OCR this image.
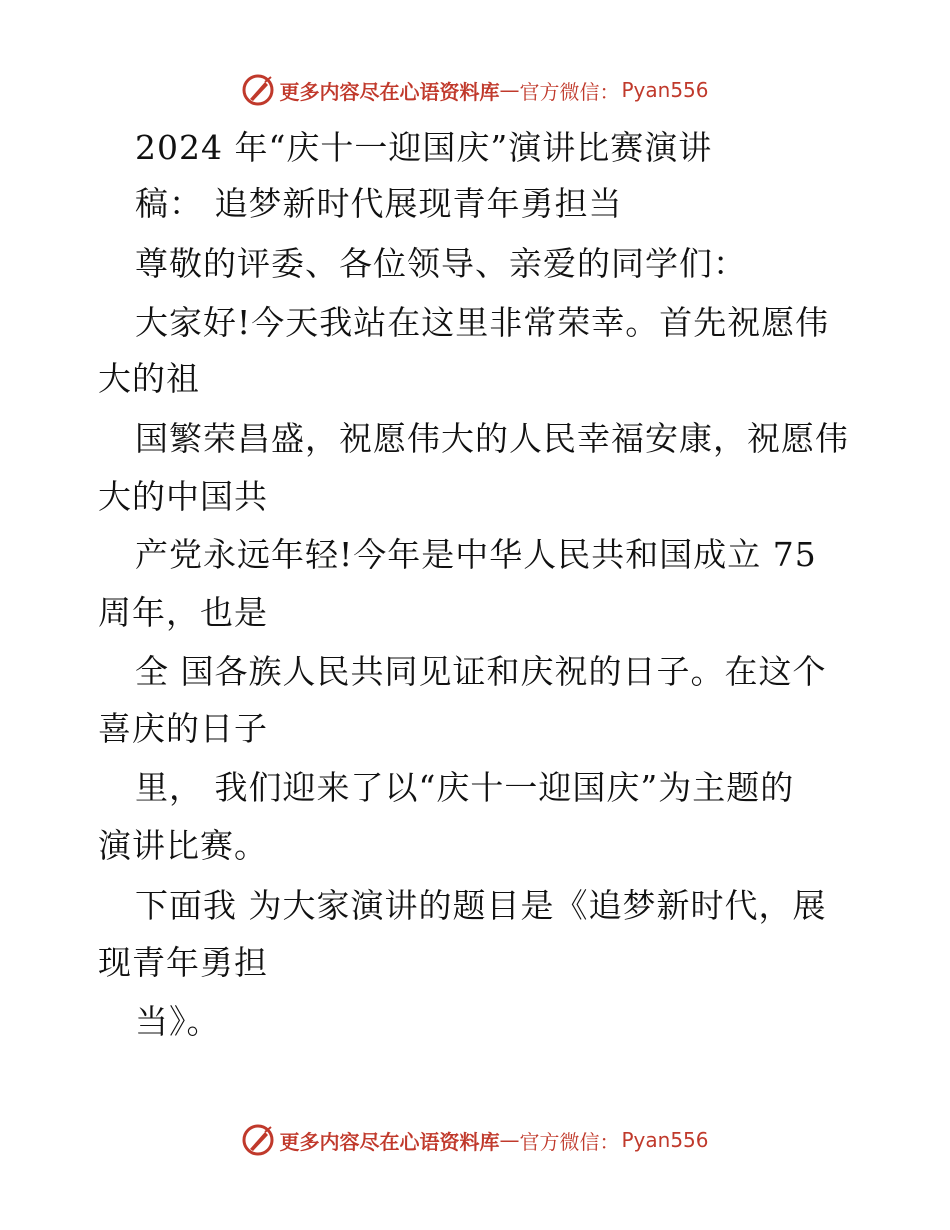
更多内容尽在心语资料库 — 官方微信 ： Pyan556
2024 年“庆十一迎国庆”演讲比赛演讲
稿： 追梦新时代展现青年勇担当
尊敬的评委、各位领导、亲爱的同学们：
大家好!今天我站在这里非常荣幸。首先祝愿伟
大的祖
国繁荣昌盛，祝愿伟大的人民幸福安康，祝愿伟
大的中国共
产党永远年轻!今年是中华人民共和国成立 75
周年，也是
全 国各族人民共同见证和庆祝的日子。在这个
喜庆的日子
里， 我们迎来了以“庆十一迎国庆”为主题的
演讲比赛。
下面我 为大家演讲的题目是《追梦新时代，展
现青年勇担
当》。
更多内容尽在心语资料库 — 官方微信 ： Pyan556
